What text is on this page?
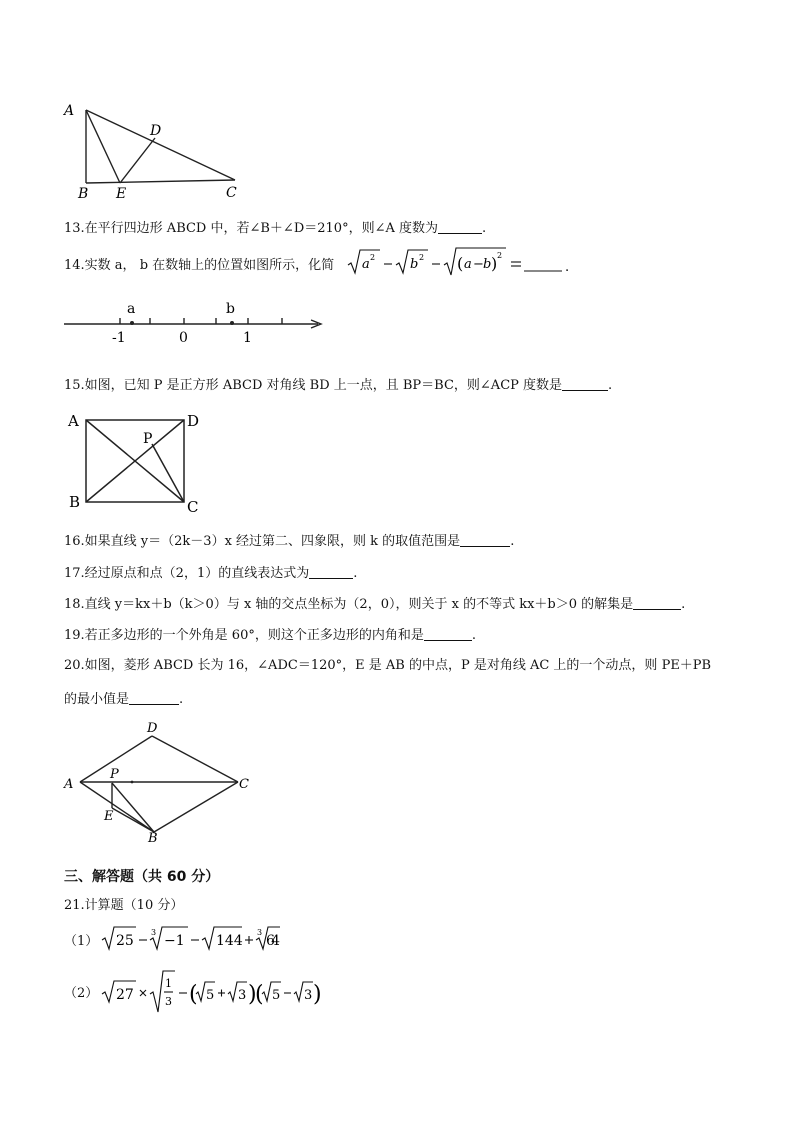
A
B E	C
D
13.在平行四边形 ABCD 中，若∠B＋∠D＝210°，则∠A 度数为	.
14.实数 a， b 在数轴上的位置如图所示，化简 a 2	b 2 ( a − b ) 2
.
a	b
-1	0	1
15.如图，已知 P 是正方形 ABCD 对角线 BD 上一点，且 BP＝BC，则∠ACP 度数是	.
A	D
B	C
P
16.如果直线 y＝（2k－3）x 经过第二、四象限，则 k 的取值范围是	.
17.经过原点和点（2，1）的直线表达式为	.
18.直线 y＝kx＋b（k＞0）与 x 轴的交点坐标为（2，0），则关于 x 的不等式 kx＋b＞0 的解集是	.
19.若正多边形的一个外角是 60°，则这个正多边形的内角和是	.
20.如图，菱形 ABCD 长为 16，∠ADC＝120°，E 是 AB 的中点，P 是对角线 AC 上的一个动点，则 PE＋PB
的最小值是	.
A
D
C
B
E
P
三、解答题（共 60 分）
21.计算题（10 分）
（1） 25
3
−1 144
3
64
（2） 27
1
3 ( 5 3 )
( 5 3 )
